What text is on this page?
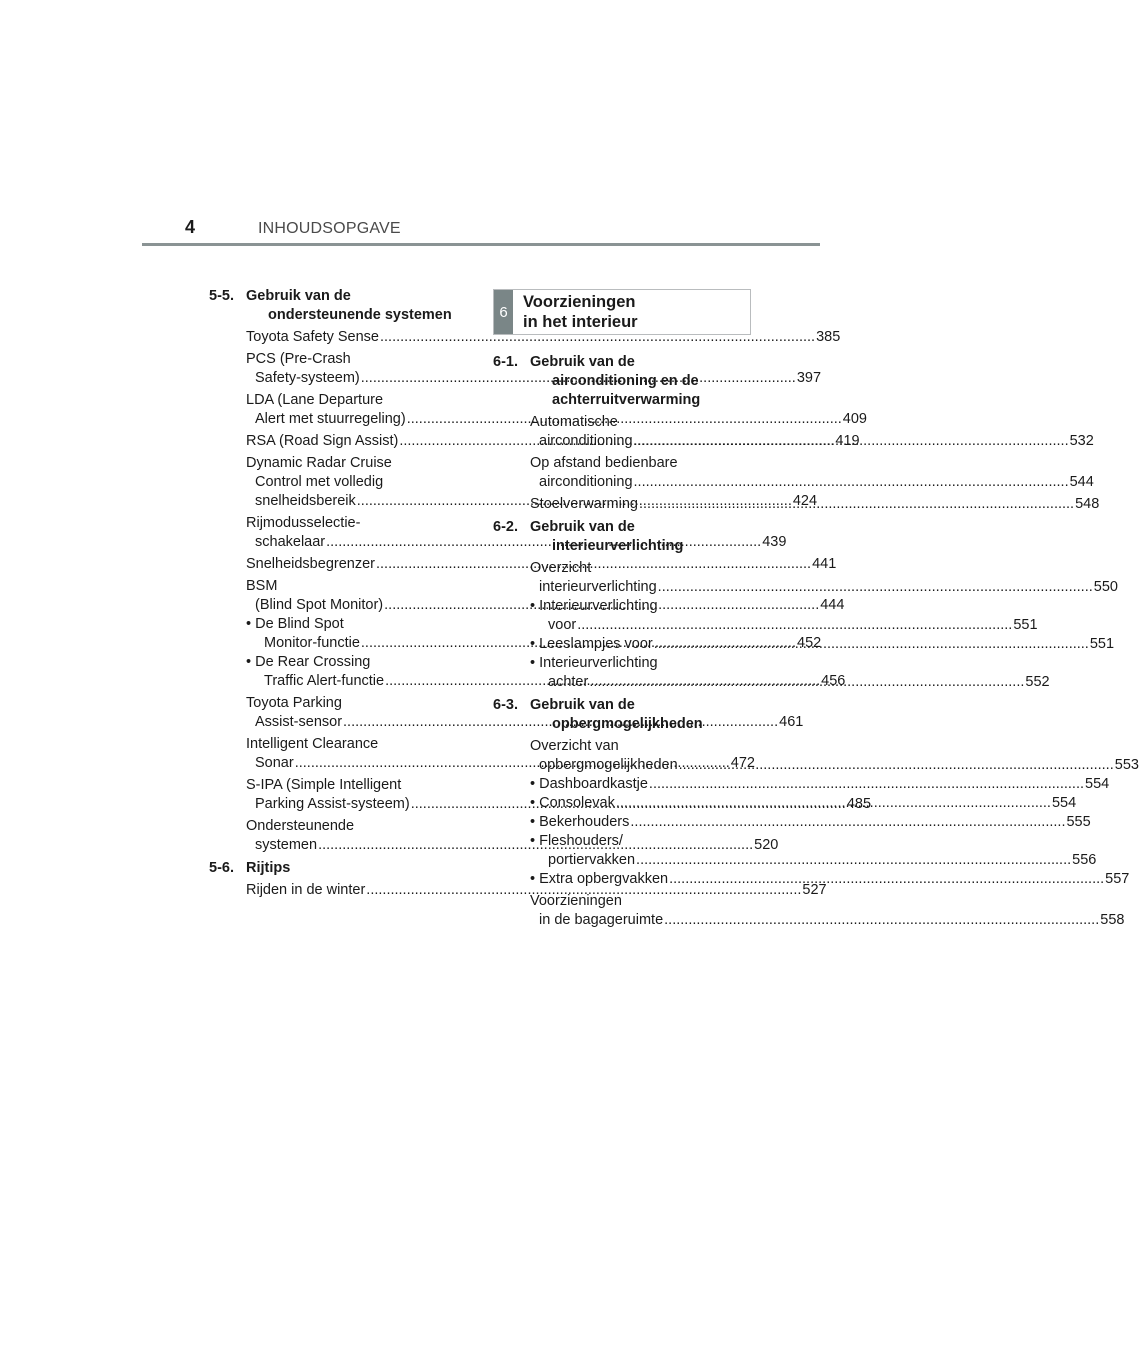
4	INHOUDSOPGAVE
5-5. Gebruik van de
ondersteunende systemen
Toyota Safety Sense .....	385
PCS (Pre-Crash
Safety-systeem) .....	397
LDA (Lane Departure
Alert met stuurregeling) .....	409
RSA (Road Sign Assist) .....	419
Dynamic Radar Cruise
Control met volledig
snelheidsbereik .....	424
Rijmodusselectie-
schakelaar .....	439
Snelheidsbegrenzer .....	441
BSM
(Blind Spot Monitor) .....	444
• De Blind Spot
Monitor-functie .....	452
• De Rear Crossing
Traffic Alert-functie .....	456
Toyota Parking
Assist-sensor .....	461
Intelligent Clearance
Sonar .....	472
S-IPA (Simple Intelligent
Parking Assist-systeem) .....	485
Ondersteunende
systemen .....	520
5-6. Rijtips
Rijden in de winter .....	527
6
Voorzieningen
in het interieur
6-1. Gebruik van de
airconditioning en de
achterruitverwarming
Automatische
airconditioning .....	532
Op afstand bedienbare
airconditioning .....	544
Stoelverwarming .....	548
6-2. Gebruik van de
interieurverlichting
Overzicht
interieurverlichting .....	550
• Interieurverlichting
voor .....	551
• Leeslampjes voor .....	551
• Interieurverlichting
achter .....	552
6-3. Gebruik van de
opbergmogelijkheden
Overzicht van
opbergmogelijkheden .....	553
• Dashboardkastje .....	554
• Consolevak .....	554
• Bekerhouders .....	555
• Fleshouders/
portiervakken .....	556
• Extra opbergvakken .....	557
Voorzieningen
in de bagageruimte .....	558
